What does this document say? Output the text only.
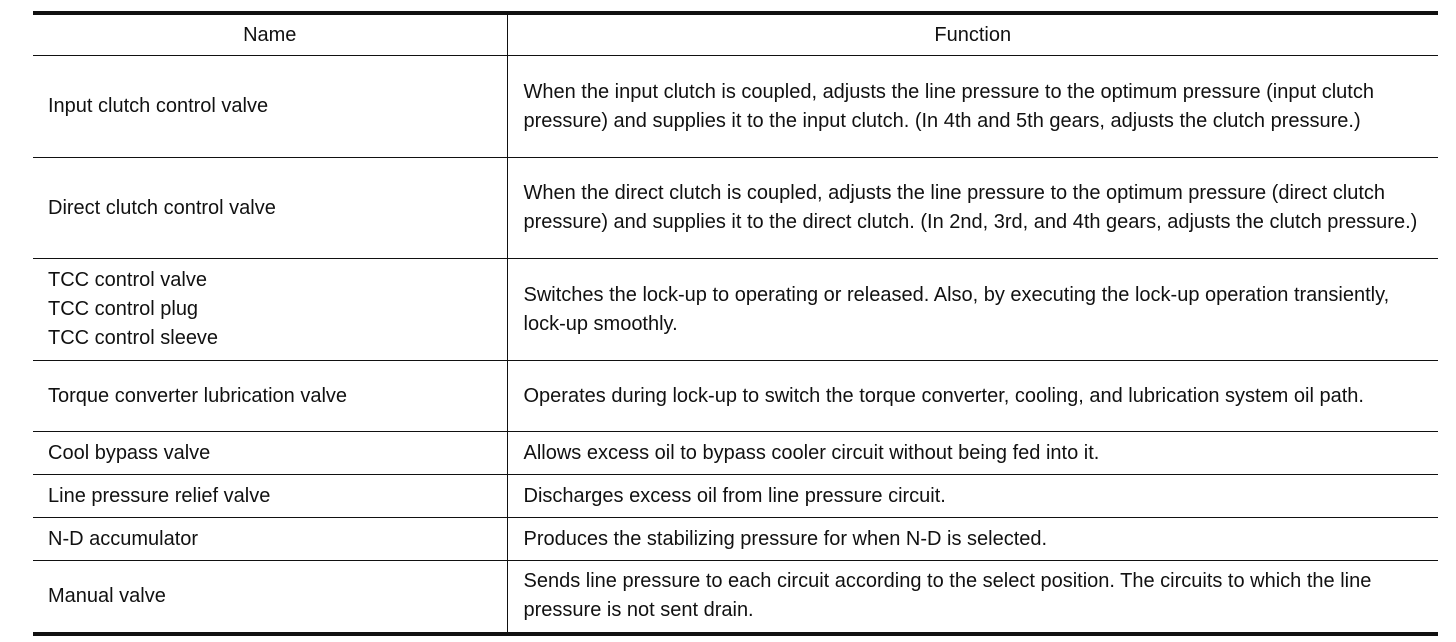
Name	Function

Input clutch control valve	When the input clutch is coupled, adjusts the line pressure to the optimum pressure (input clutch pressure) and supplies it to the input clutch. (In 4th and 5th gears, adjusts the clutch pressure.)

Direct clutch control valve	When the direct clutch is coupled, adjusts the line pressure to the optimum pressure (direct clutch pressure) and supplies it to the direct clutch. (In 2nd, 3rd, and 4th gears, adjusts the clutch pressure.)

TCC control valve
TCC control plug
TCC control sleeve	Switches the lock-up to operating or released. Also, by executing the lock-up operation transiently, lock-up smoothly.

Torque converter lubrication valve	Operates during lock-up to switch the torque converter, cooling, and lubrication system oil path.

Cool bypass valve	Allows excess oil to bypass cooler circuit without being fed into it.

Line pressure relief valve	Discharges excess oil from line pressure circuit.

N-D accumulator	Produces the stabilizing pressure for when N-D is selected.

Manual valve	Sends line pressure to each circuit according to the select position. The circuits to which the line pressure is not sent drain.
